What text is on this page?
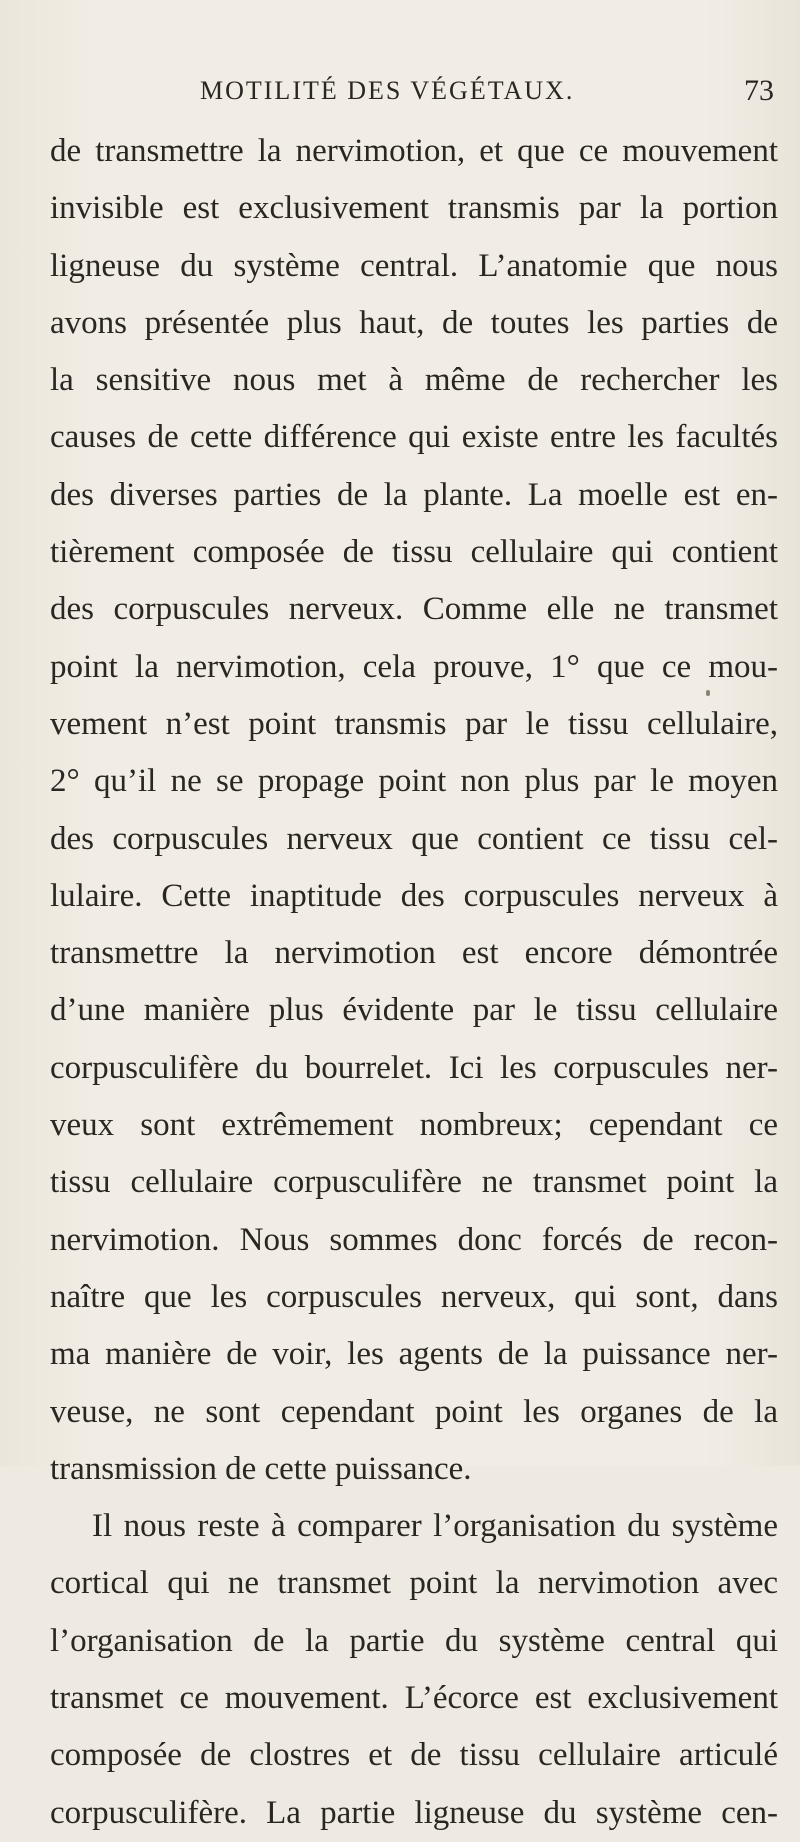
MOTILITÉ DES VÉGÉTAUX.	73
de transmettre la nervimotion, et que ce mouvement
invisible est exclusivement transmis par la portion
ligneuse du système central. L’anatomie que nous
avons présentée plus haut, de toutes les parties de
la sensitive nous met à même de rechercher les
causes de cette différence qui existe entre les facultés
des diverses parties de la plante. La moelle est en-
tièrement composée de tissu cellulaire qui contient
des corpuscules nerveux. Comme elle ne transmet
point la nervimotion, cela prouve, 1° que ce mou-
vement n’est point transmis par le tissu cellulaire,
2° qu’il ne se propage point non plus par le moyen
des corpuscules nerveux que contient ce tissu cel-
lulaire. Cette inaptitude des corpuscules nerveux à
transmettre la nervimotion est encore démontrée
d’une manière plus évidente par le tissu cellulaire
corpusculifère du bourrelet. Ici les corpuscules ner-
veux sont extrêmement nombreux; cependant ce
tissu cellulaire corpusculifère ne transmet point la
nervimotion. Nous sommes donc forcés de recon-
naître que les corpuscules nerveux, qui sont, dans
ma manière de voir, les agents de la puissance ner-
veuse, ne sont cependant point les organes de la
transmission de cette puissance.
Il nous reste à comparer l’organisation du système
cortical qui ne transmet point la nervimotion avec
l’organisation de la partie du système central qui
transmet ce mouvement. L’écorce est exclusivement
composée de clostres et de tissu cellulaire articulé
corpusculifère. La partie ligneuse du système cen-
